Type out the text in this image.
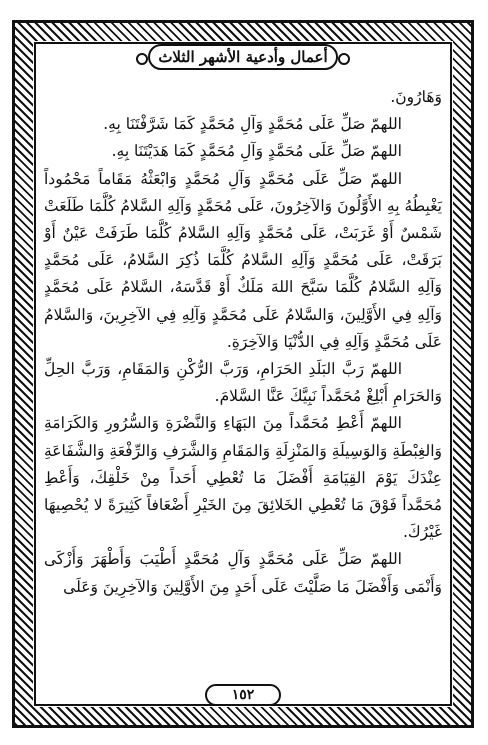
أعمال وأدعية الأشهر الثلاث

وَهَارُونَ.

اللهمّ صَلِّ عَلَى مُحَمَّدٍ وَآلِ مُحَمَّدٍ كَمَا شَرَّفْتَنَا بِهِ.

اللهمّ صَلِّ عَلَى مُحَمَّدٍ وَآلِ مُحَمَّدٍ كَمَا هَدَيْتَنَا بِهِ.

اللهمّ صَلِّ عَلَى مُحَمَّدٍ وَآلِ مُحَمَّدٍ وَابْعَثْهُ مَقَاماً مَحْمُوداً يَغْبِطُهُ بِهِ الأَوَّلُونَ وَالآخِرُونَ، عَلَى مُحَمَّدٍ وَآلِهِ السَّلامُ كُلَّمَا طَلَعَتْ شَمْسٌ أَوْ غَرَبَتْ، عَلَى مُحَمَّدٍ وَآلِهِ السَّلامُ كُلَّمَا طَرَفَتْ عَيْنٌ أَوْ بَرَقَتْ، عَلَى مُحَمَّدٍ وَآلِهِ السَّلامُ كُلَّمَا ذُكِرَ السَّلامُ، عَلَى مُحَمَّدٍ وَآلِهِ السَّلامُ كُلَّمَا سَبَّحَ اللهَ مَلَكٌ أَوْ قَدَّسَهُ، السَّلامُ عَلَى مُحَمَّدٍ وَآلِهِ فِي الأَوَّلِينَ، وَالسَّلامُ عَلَى مُحَمَّدٍ وَآلِهِ فِي الآخِرِينَ، وَالسَّلامُ عَلَى مُحَمَّدٍ وَآلِهِ فِي الدُّنْيَا وَالآخِرَةِ.

اللهمّ رَبَّ البَلَدِ الحَرَامِ، وَرَبَّ الرُّكْنِ وَالمَقَامِ، وَرَبَّ الحِلِّ وَالحَرَامِ أَبْلِغْ مُحَمَّداً نَبِيَّكَ عَنَّا السَّلامَ.

اللهمّ أَعْطِ مُحَمَّداً مِنَ البَهَاءِ وَالنَّضْرَةِ وَالسُّرُورِ وَالكَرَامَةِ وَالغِبْطَةِ وَالوَسِيلَةِ وَالمَنْزِلَةِ وَالمَقَامِ وَالشَّرَفِ وَالرِّفْعَةِ وَالشَّفَاعَةِ عِنْدَكَ يَوْمَ القِيَامَةِ أَفْضَلَ مَا تُعْطِي أَحَداً مِنْ خَلْقِكَ، وَأَعْطِ مُحَمَّداً فَوْقَ مَا تُعْطِي الخَلائِقَ مِنَ الخَيْرِ أَضْعَافاً كَثِيرَةً لا يُحْصِيهَا غَيْرُكَ.

اللهمّ صَلِّ عَلَى مُحَمَّدٍ وَآلِ مُحَمَّدٍ أَطْيَبَ وَأَطْهَرَ وَأَزْكَى وَأَنْمَى وَأَفْضَلَ مَا صَلَّيْتَ عَلَى أَحَدٍ مِنَ الأَوَّلِينَ وَالآخِرِينَ وَعَلَى

١٥٢
